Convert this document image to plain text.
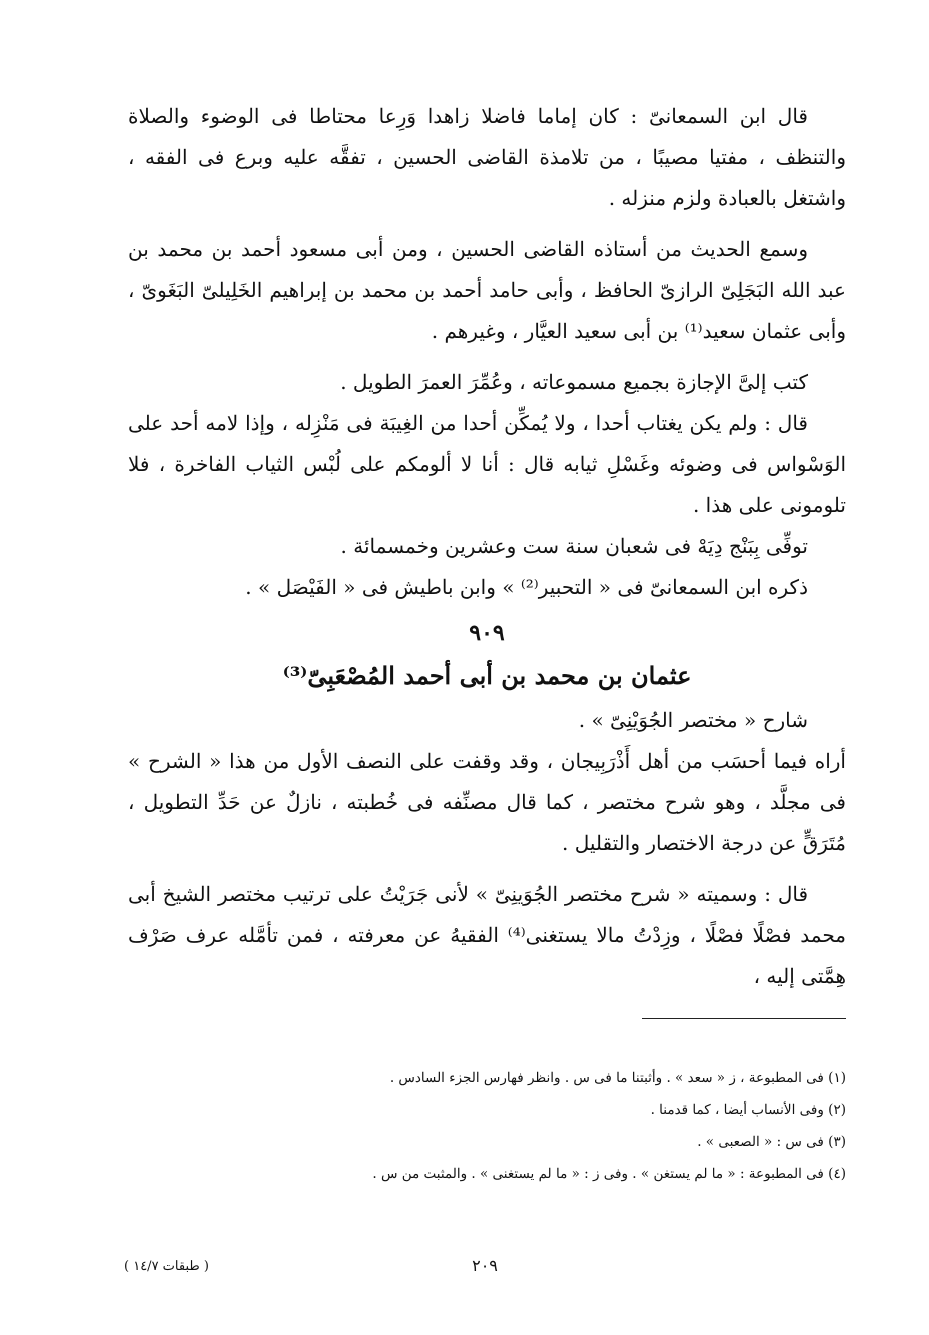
قال ابن السمعانىّ : كان إماما فاضلا زاهدا وَرِعا محتاطا فى الوضوء والصلاة والتنظف ، مفتيا مصيبًا ، من تلامذة القاضى الحسين ، تفقَّه عليه وبرع فى الفقه ، واشتغل بالعبادة ولزم منزله .

وسمع الحديث من أستاذه القاضى الحسين ، ومن أبى مسعود أحمد بن محمد بن عبد الله البَجَلِىّ الرازىّ الحافظ ، وأبى حامد أحمد بن محمد بن إبراهيم الخَلِيلىّ البَغَوىّ ، وأبى عثمان سعيد⁽¹⁾ بن أبى سعيد العيَّار ، وغيرهم .

كتب إلىَّ الإجازة بجميع مسموعاته ، وعُمِّرَ العمرَ الطويل .

قال : ولم يكن يغتاب أحدا ، ولا يُمكِّن أحدا من الغِيبَة فى مَنْزِله ، وإذا لامه أحد على الوَسْواس فى وضوئه وغَسْلِ ثيابه قال : أنا لا ألومكم على لُبْس الثياب الفاخرة ، فلا تلومونى على هذا .

توفِّى بِبَنْج دِيَهْ فى شعبان سنة ست وعشرين وخمسمائة .

ذكره ابن السمعانىّ فى « التحبير⁽²⁾ » وابن باطيش فى « الفَيْصَل » .

٩٠٩
عثمان بن محمد بن أبى أحمد المُصْعَبِىّ⁽³⁾

شارح « مختصر الجُوَيْنِىّ » .

أراه فيما أحسَب من أهل أَذْرَبِيجان ، وقد وقفت على النصف الأول من هذا « الشرح » فى مجلَّد ، وهو شرح مختصر ، كما قال مصنِّفه فى خُطبته ، نازلٌ عن حَدِّ التطويل ، مُتَرَقٍّ عن درجة الاختصار والتقليل .

قال : وسميته « شرح مختصر الجُوَينِىّ » لأنى جَرَيْتُ على ترتيب مختصر الشيخ أبى محمد فصْلًا فصْلًا ، وزِدْتُ مالا يستغنى⁽⁴⁾ الفقيهُ عن معرفته ، فمن تأمَّله عرف صَرْف هِمَّتى إليه ،

(١) فى المطبوعة ، ز « سعد » . وأثبتنا ما فى س . وانظر فهارس الجزء السادس .

(٢) وفى الأنساب أيضا ، كما قدمنا .

(٣) فى س : « الصعبى » .

(٤) فى المطبوعة : « ما لم يستغن » . وفى ز : « ما لم يستغنى » . والمثبت من س .

٢٠٩
( طبقات ١٤/٧ )
